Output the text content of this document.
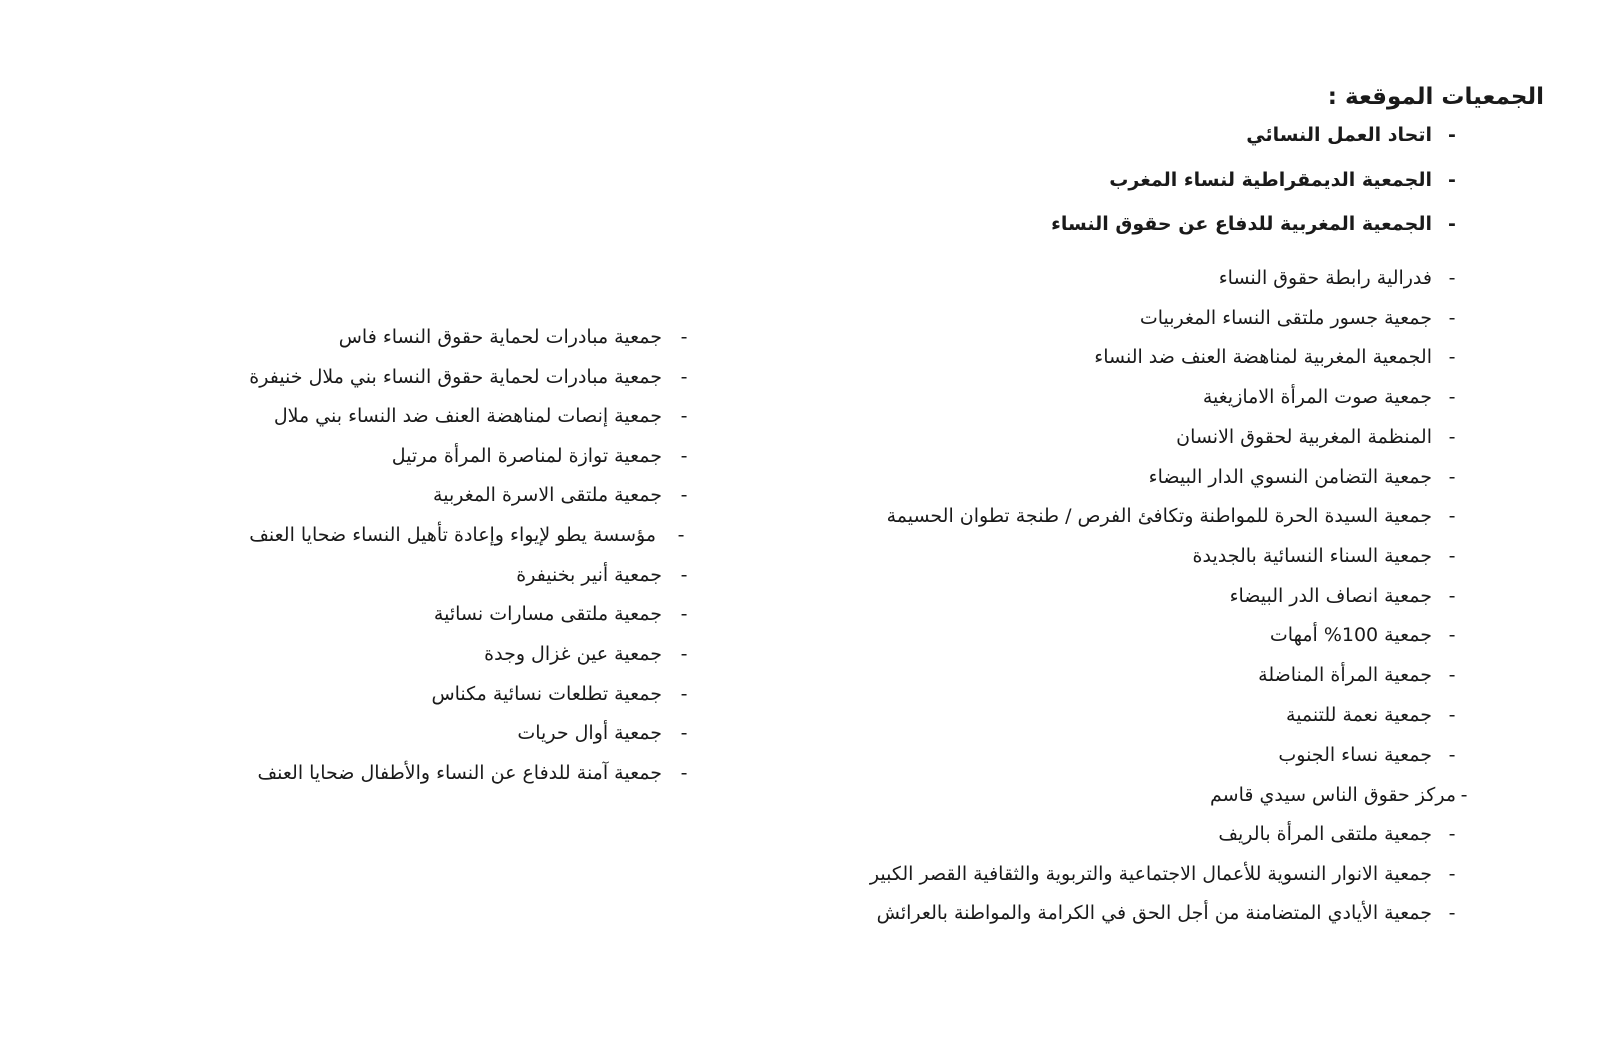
الجمعيات الموقعة :
-اتحاد العمل النسائي
-الجمعية الديمقراطية لنساء المغرب
-الجمعية المغربية للدفاع عن حقوق النساء
-فدرالية رابطة حقوق النساء
-جمعية جسور ملتقى النساء المغربيات
-الجمعية المغربية لمناهضة العنف ضد النساء
-جمعية صوت المرأة الامازيغية
-المنظمة المغربية لحقوق الانسان
-جمعية التضامن النسوي الدار البيضاء
-جمعية السيدة الحرة للمواطنة وتكافئ الفرص / طنجة تطوان الحسيمة
-جمعية السناء النسائية بالجديدة
-جمعية انصاف الدر البيضاء
-جمعية 100% أمهات
-جمعية المرأة المناضلة
-جمعية نعمة للتنمية
-جمعية نساء الجنوب
-مركز حقوق الناس سيدي قاسم
-جمعية ملتقى المرأة بالريف
-جمعية الانوار النسوية للأعمال الاجتماعية والتربوية والثقافية القصر الكبير
-جمعية الأيادي المتضامنة من أجل الحق في الكرامة والمواطنة بالعرائش
-جمعية مبادرات لحماية حقوق النساء فاس
-جمعية مبادرات لحماية حقوق النساء بني ملال خنيفرة
-جمعية إنصات لمناهضة العنف ضد النساء بني ملال
-جمعية توازة لمناصرة المرأة مرتيل
-جمعية ملتقى الاسرة المغربية
-مؤسسة يطو لإيواء وإعادة تأهيل النساء ضحايا العنف
-جمعية أنير بخنيفرة
-جمعية ملتقى مسارات نسائية
-جمعية عين غزال وجدة
-جمعية تطلعات نسائية مكناس
-جمعية أوال حريات
-جمعية آمنة للدفاع عن النساء والأطفال ضحايا العنف
